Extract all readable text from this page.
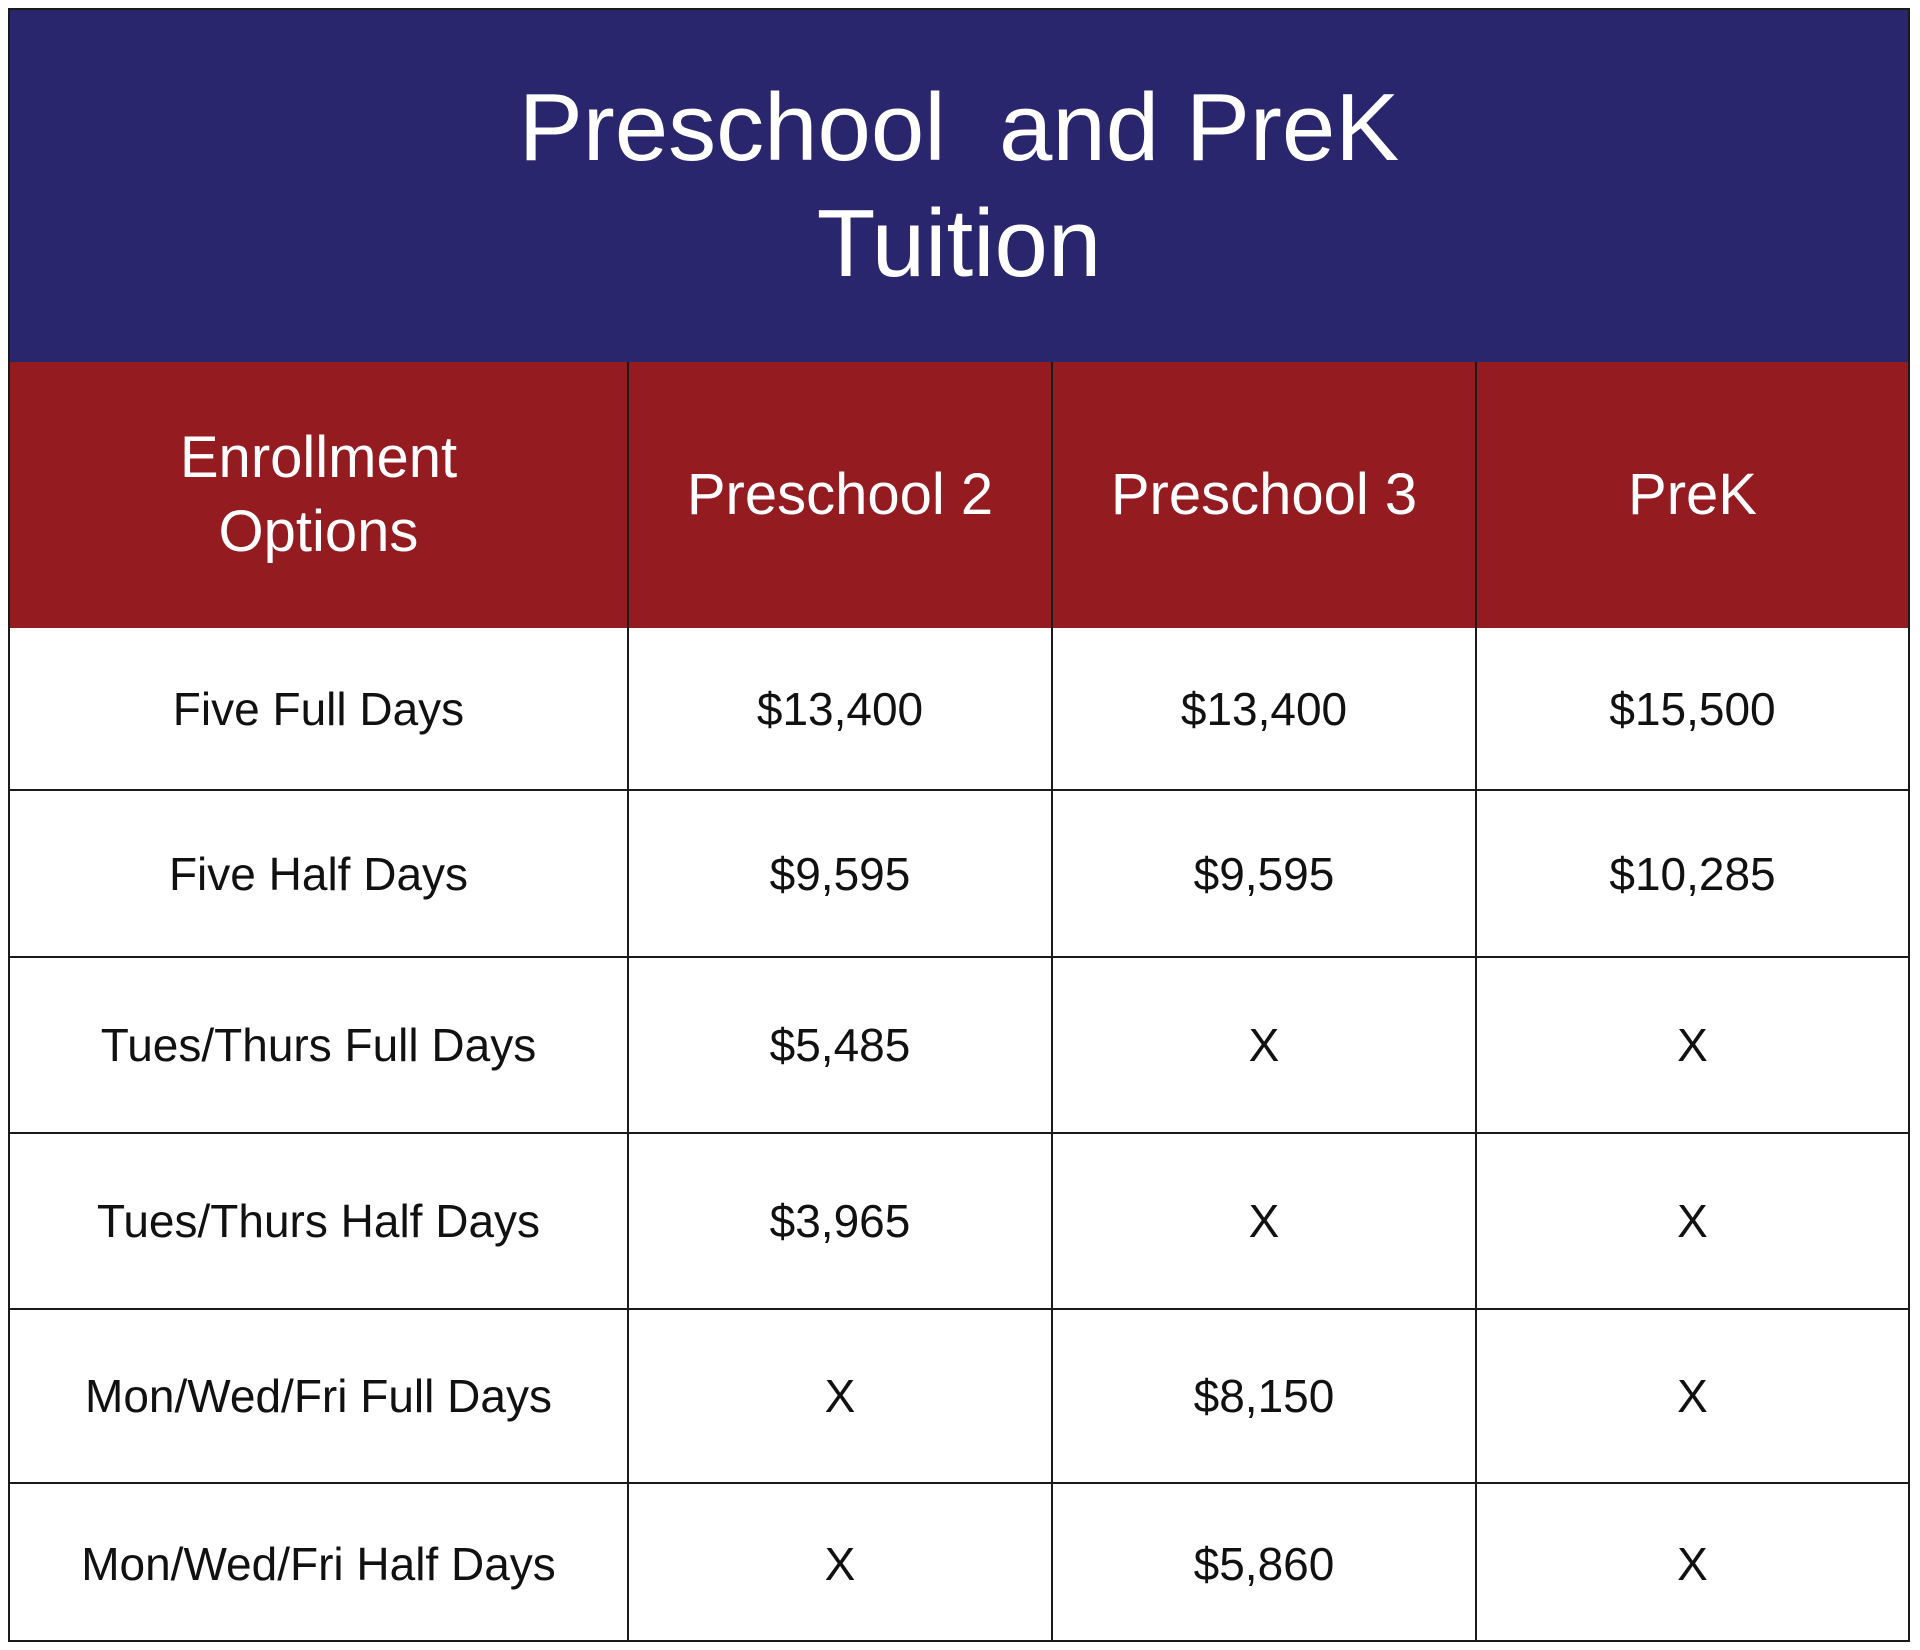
Preschool  and PreK
Tuition
Enrollment
Options	Preschool 2	Preschool 3	PreK
Five Full Days	$13,400	$13,400	$15,500
Five Half Days	$9,595	$9,595	$10,285
Tues/Thurs Full Days	$5,485	X	X
Tues/Thurs Half Days	$3,965	X	X
Mon/Wed/Fri Full Days	X	$8,150	X
Mon/Wed/Fri Half Days	X	$5,860	X
